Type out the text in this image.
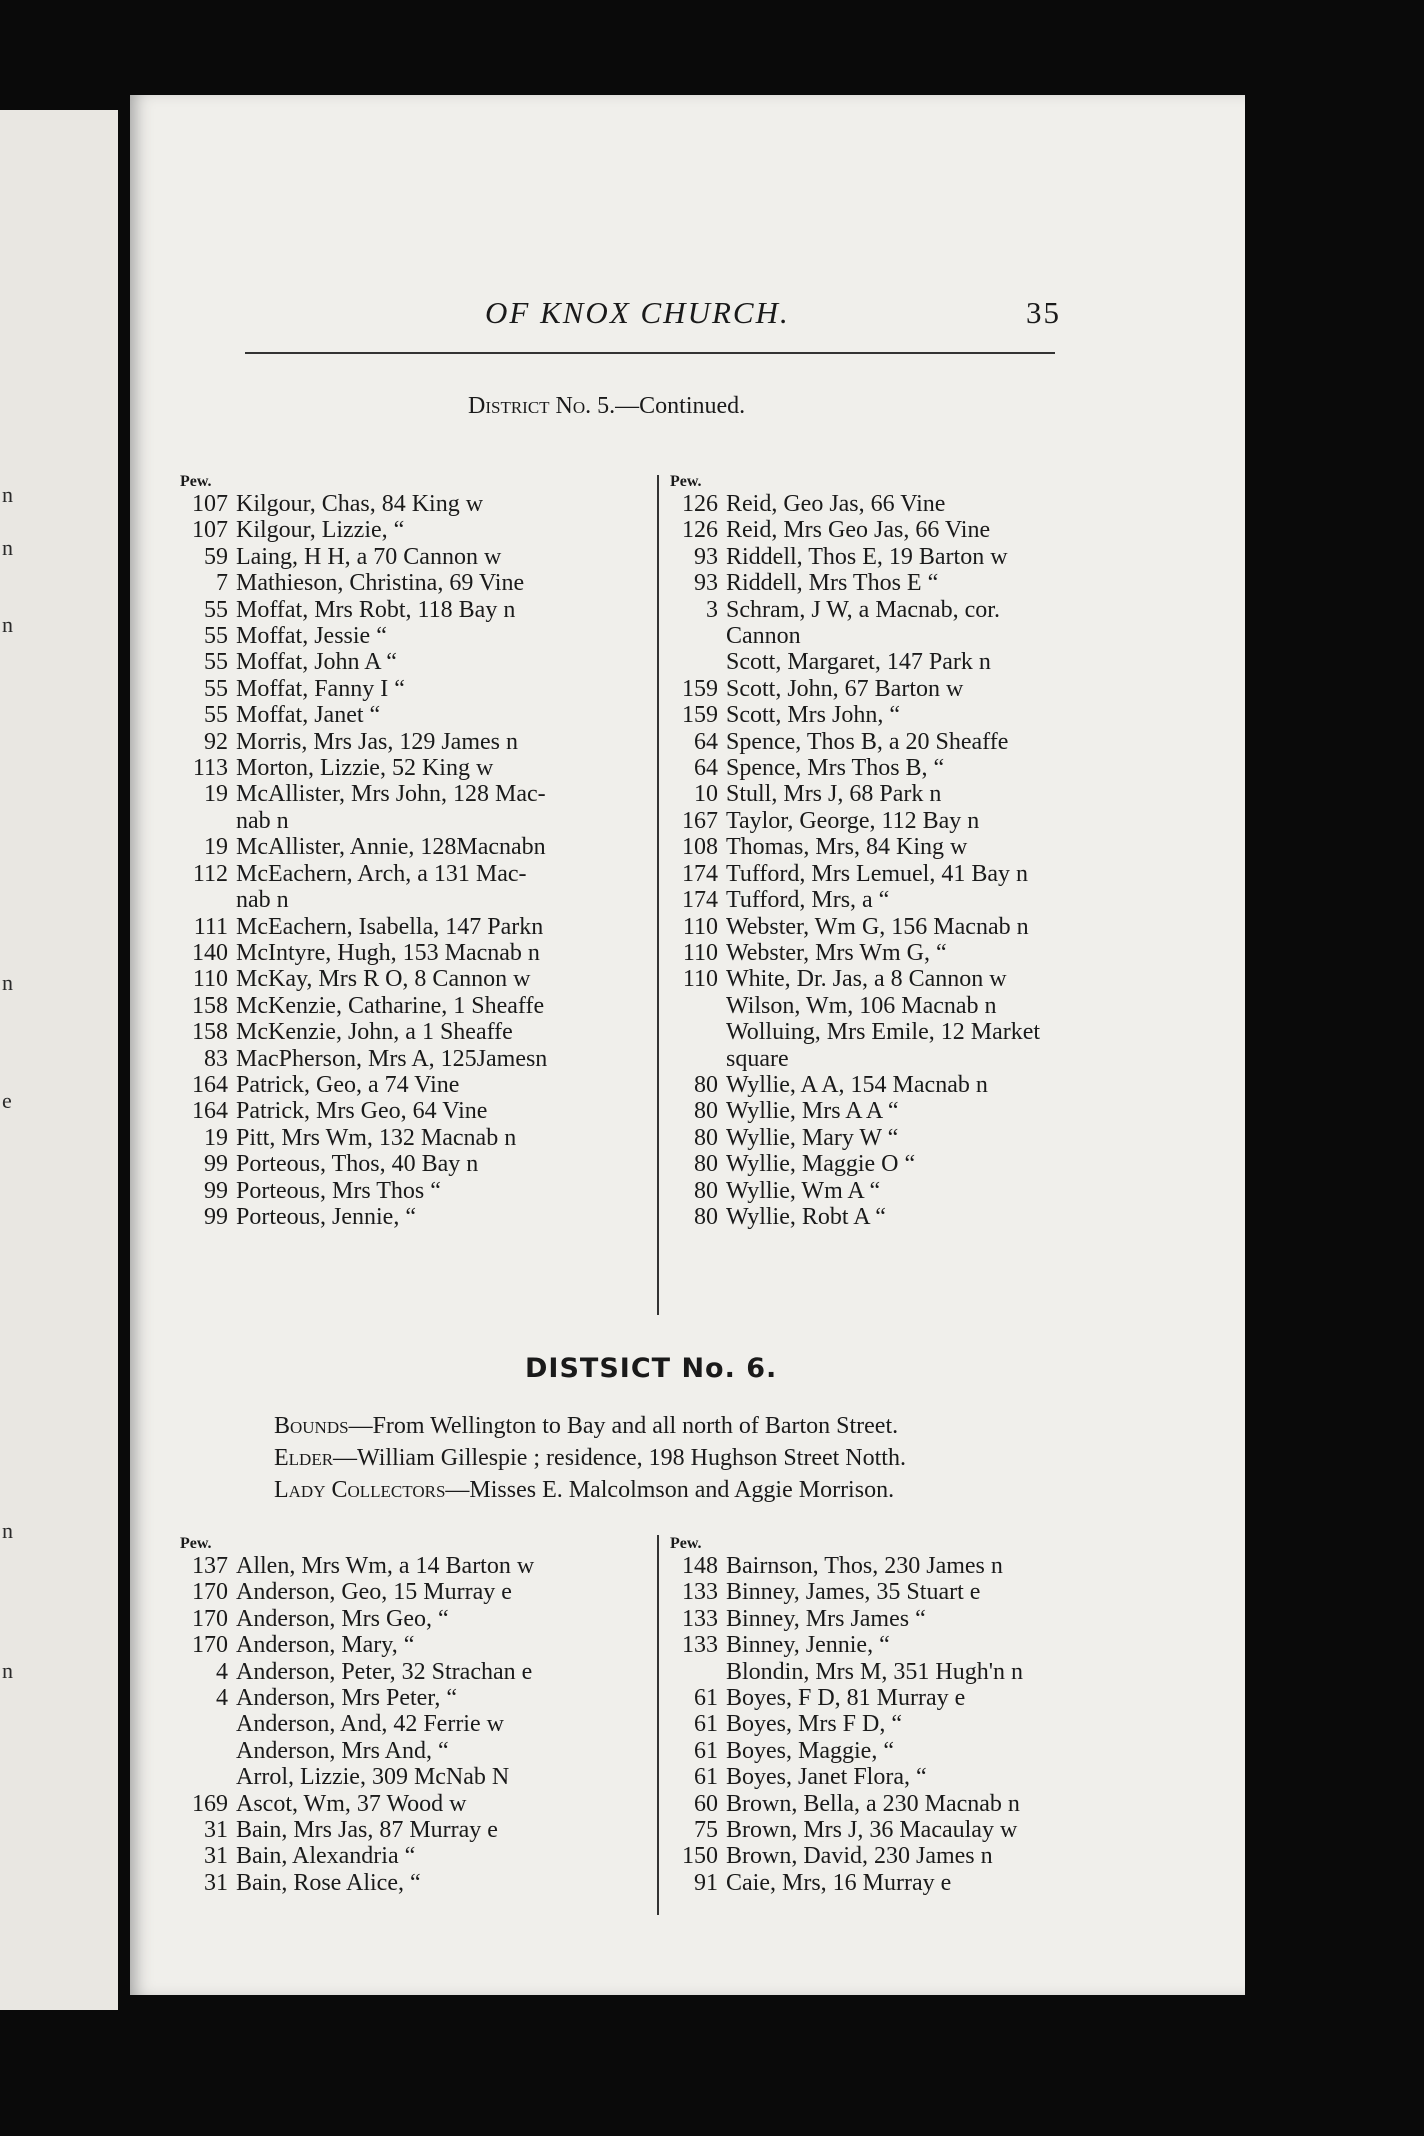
n
n
n
n
e
n
n
OF KNOX CHURCH.	35
District No. 5.—Continued.
Pew.
107 Kilgour, Chas, 84 King w
107 Kilgour, Lizzie, “
59 Laing, H H, a 70 Cannon w
7 Mathieson, Christina, 69 Vine
55 Moffat, Mrs Robt, 118 Bay n
55 Moffat, Jessie “
55 Moffat, John A “
55 Moffat, Fanny I “
55 Moffat, Janet “
92 Morris, Mrs Jas, 129 James n
113 Morton, Lizzie, 52 King w
19 McAllister, Mrs John, 128 Mac-
nab n
19 McAllister, Annie, 128Macnabn
112 McEachern, Arch, a 131 Mac-
nab n
111 McEachern, Isabella, 147 Parkn
140 McIntyre, Hugh, 153 Macnab n
110 McKay, Mrs R O, 8 Cannon w
158 McKenzie, Catharine, 1 Sheaffe
158 McKenzie, John, a 1 Sheaffe
83 MacPherson, Mrs A, 125Jamesn
164 Patrick, Geo, a 74 Vine
164 Patrick, Mrs Geo, 64 Vine
19 Pitt, Mrs Wm, 132 Macnab n
99 Porteous, Thos, 40 Bay n
99 Porteous, Mrs Thos “
99 Porteous, Jennie, “
Pew.
126 Reid, Geo Jas, 66 Vine
126 Reid, Mrs Geo Jas, 66 Vine
93 Riddell, Thos E, 19 Barton w
93 Riddell, Mrs Thos E “
3 Schram, J W, a Macnab, cor.
Cannon
Scott, Margaret, 147 Park n
159 Scott, John, 67 Barton w
159 Scott, Mrs John, “
64 Spence, Thos B, a 20 Sheaffe
64 Spence, Mrs Thos B, “
10 Stull, Mrs J, 68 Park n
167 Taylor, George, 112 Bay n
108 Thomas, Mrs, 84 King w
174 Tufford, Mrs Lemuel, 41 Bay n
174 Tufford, Mrs, a “
110 Webster, Wm G, 156 Macnab n
110 Webster, Mrs Wm G, “
110 White, Dr. Jas, a 8 Cannon w
Wilson, Wm, 106 Macnab n
Wolluing, Mrs Emile, 12 Market
square
80 Wyllie, A A, 154 Macnab n
80 Wyllie, Mrs A A “
80 Wyllie, Mary W “
80 Wyllie, Maggie O “
80 Wyllie, Wm A “
80 Wyllie, Robt A “
DISTSICT No. 6.
Bounds—From Wellington to Bay and all north of Barton Street.
Elder—William Gillespie ; residence, 198 Hughson Street Notth.
Lady Collectors—Misses E. Malcolmson and Aggie Morrison.
Pew.
137 Allen, Mrs Wm, a 14 Barton w
170 Anderson, Geo, 15 Murray e
170 Anderson, Mrs Geo, “
170 Anderson, Mary, “
4 Anderson, Peter, 32 Strachan e
4 Anderson, Mrs Peter, “
Anderson, And, 42 Ferrie w
Anderson, Mrs And, “
Arrol, Lizzie, 309 McNab N
169 Ascot, Wm, 37 Wood w
31 Bain, Mrs Jas, 87 Murray e
31 Bain, Alexandria “
31 Bain, Rose Alice, “
Pew.
148 Bairnson, Thos, 230 James n
133 Binney, James, 35 Stuart e
133 Binney, Mrs James “
133 Binney, Jennie, “
Blondin, Mrs M, 351 Hugh'n n
61 Boyes, F D, 81 Murray e
61 Boyes, Mrs F D, “
61 Boyes, Maggie, “
61 Boyes, Janet Flora, “
60 Brown, Bella, a 230 Macnab n
75 Brown, Mrs J, 36 Macaulay w
150 Brown, David, 230 James n
91 Caie, Mrs, 16 Murray e
